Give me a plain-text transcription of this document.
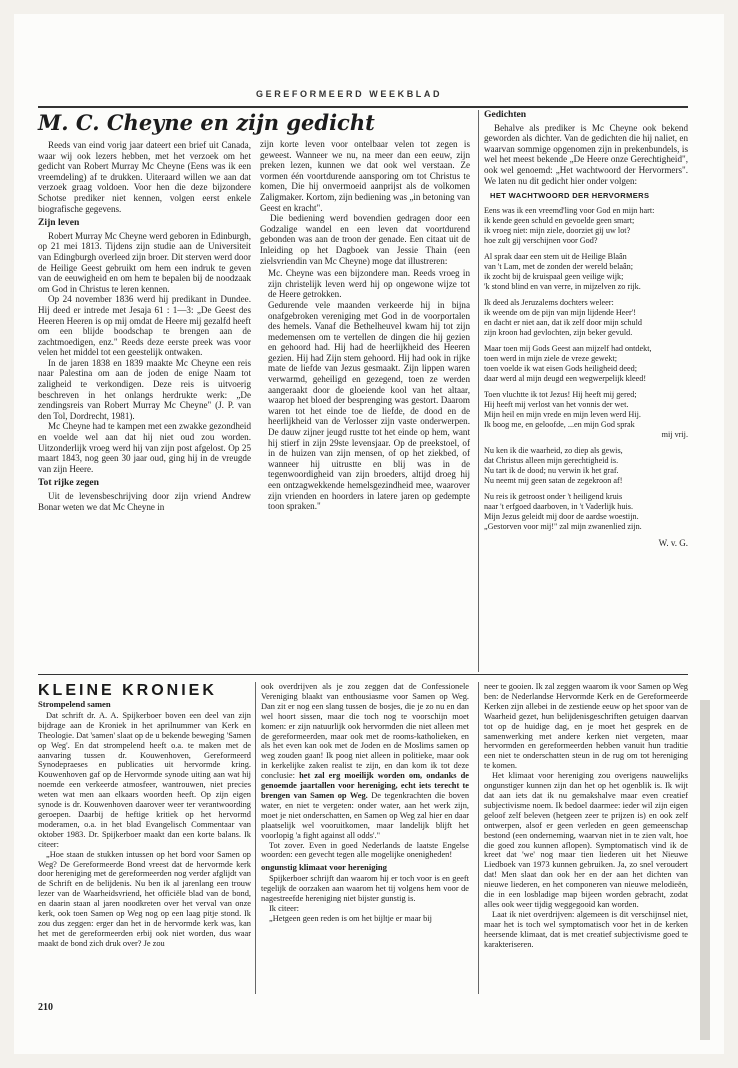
GEREFORMEERD WEEKBLAD
M. C. Cheyne en zijn gedicht

Reeds van eind vorig jaar dateert een brief uit Canada, waar wij ook lezers hebben, met het verzoek om het gedicht van Robert Murray Mc Cheyne (Eens was ik een vreemdeling) af te drukken. Uiteraard willen we aan dat verzoek graag voldoen. Voor hen die deze bijzondere Schotse prediker niet kennen, volgen eerst enkele biografische gegevens.

Zijn leven

Robert Murray Mc Cheyne werd geboren in Edinburgh, op 21 mei 1813. Tijdens zijn studie aan de Universiteit van Edingburgh overleed zijn broer. Dit sterven werd door de Heilige Geest gebruikt om hem een indruk te geven van de eeuwigheid en om hem te bepalen bij de noodzaak om God in Christus te leren kennen.

Op 24 november 1836 werd hij predikant in Dundee. Hij deed er intrede met Jesaja 61 : 1—3: „De Geest des Heeren Heeren is op mij omdat de Heere mij gezalfd heeft om een blijde boodschap te brengen aan de zachtmoedigen, enz." Reeds deze eerste preek was voor velen het middel tot een geestelijk ontwaken.

In de jaren 1838 en 1839 maakte Mc Cheyne een reis naar Palestina om aan de joden de enige Naam tot zaligheid te verkondigen. Deze reis is uitvoerig beschreven in het onlangs herdrukte werk: „De zendingsreis van Robert Murray Mc Cheyne" (J. P. van den Tol, Dordrecht, 1981).

Mc Cheyne had te kampen met een zwakke gezondheid en voelde wel aan dat hij niet oud zou worden. Uitzonderlijk vroeg werd hij van zijn post afgelost. Op 25 maart 1843, nog geen 30 jaar oud, ging hij in de vreugde van zijn Heere.

Tot rijke zegen

Uit de levensbeschrijving door zijn vriend Andrew Bonar weten we dat Mc Cheyne in

zijn korte leven voor ontelbaar velen tot zegen is geweest. Wanneer we nu, na meer dan een eeuw, zijn preken lezen, kunnen we dat ook wel verstaan. Ze vormen één voortdurende aansporing om tot Christus te komen, Die hij onvermoeid aanprijst als de volkomen Zaligmaker. Kortom, zijn bediening was „in betoning van Geest en kracht".

Die bediening werd bovendien gedragen door een Godzalige wandel en een leven dat voortdurend gebonden was aan de troon der genade. Een citaat uit de Inleiding op het Dagboek van Jessie Thain (een zielsvriendin van Mc Cheyne) moge dat illustreren:

Mc. Cheyne was een bijzondere man. Reeds vroeg in zijn christelijk leven werd hij op ongewone wijze tot de Heere getrokken.

Gedurende vele maanden verkeerde hij in bijna onafgebroken vereniging met God in de voorportalen des hemels. Vanaf die Bethelheuvel kwam hij tot zijn medemensen om te vertellen de dingen die hij gezien en gehoord had. Hij had de heerlijkheid des Heeren gezien. Hij had Zijn stem gehoord. Hij had ook in rijke mate de liefde van Jezus gesmaakt. Zijn lippen waren verwarmd, geheiligd en gezegend, toen ze werden aangeraakt door de gloeiende kool van het altaar, waarop het bloed der besprenging was gestort. Daarom waren tot het einde toe de liefde, de dood en de heerlijkheid van de Verlosser zijn vaste onderwerpen. De dauw zijner jeugd rustte tot het einde op hem, want hij stierf in zijn 29ste levensjaar. Op de preekstoel, of in de huizen van zijn mensen, of op het ziekbed, of wanneer hij uitrustte en blij was in de tegenwoordigheid van zijn broeders, altijd droeg hij een ontzagwekkende hemelsgezindheid mee, waarover zijn vrienden en hoorders in latere jaren op gedempte toon spraken."

Gedichten

Behalve als prediker is Mc Cheyne ook bekend geworden als dichter. Van de gedichten die hij naliet, en waarvan sommige opgenomen zijn in prekenbundels, is wel het meest bekende „De Heere onze Gerechtigheid", ook wel genoemd: „Het wachtwoord der Hervormers". We laten nu dit gedicht hier onder volgen:

HET WACHTWOORD DER HERVORMERS
Eens was ik een vreemd'ling voor God en mijn hart:
ik kende geen schuld en gevoelde geen smart;
ik vroeg niet: mijn ziele, doorziet gij uw lot?
hoe zult gij verschijnen voor God?
Al sprak daar een stem uit de Heilige Blaân
van 't Lam, met de zonden der wereld belaân;
ik zocht bij de kruispaal geen veilige wijk;
'k stond blind en van verre, in mijzelven zo rijk.
Ik deed als Jeruzalems dochters weleer:
ik weende om de pijn van mijn lijdende Heer'!
en dacht er niet aan, dat ik zelf door mijn schuld
zijn kroon had gevlochten, zijn beker gevuld.
Maar toen mij Gods Geest aan mijzelf had ontdekt,
toen werd in mijn ziele de vreze gewekt;
toen voelde ik wat eisen Gods heiligheid deed;
daar werd al mijn deugd een wegwerpelijk kleed!
Toen vluchtte ik tot Jezus! Hij heeft mij gered;
Hij heeft mij verlost van het vonnis der wet.
Mijn heil en mijn vrede en mijn leven werd Hij.
Ik boog me, en geloofde, ...en mijn God sprak
mij vrij.
Nu ken ik die waarheid, zo diep als gewis,
dat Christus alleen mijn gerechtigheid is.
Nu tart ik de dood; nu verwin ik het graf.
Nu neemt mij geen satan de zegekroon af!
Nu reis ik getroost onder 't heiligend kruis
naar 't erfgoed daarboven, in 't Vaderlijk huis.
Mijn Jezus geleidt mij door de aardse woestijn.
„Gestorven voor mij!" zal mijn zwanenlied zijn.
W. v. G.
KLEINE KRONIEK
Strompelend samen

Dat schrift dr. A. A. Spijkerboer boven een deel van zijn bijdrage aan de Kroniek in het aprilnummer van Kerk en Theologie. Dat 'samen' slaat op de u bekende beweging 'Samen op Weg'. En dat strompelend heeft o.a. te maken met de aanvaring tussen dr. Kouwenhoven, Gereformeerd Synodepraeses en publicaties uit hervormde kring. Kouwenhoven gaf op de Hervormde synode uiting aan wat hij noemde een verkeerde atmosfeer, wantrouwen, niet precies weten wat men aan elkaars woorden heeft. Op zijn eigen synode is dr. Kouwenhoven daarover weer ter verantwoording geroepen. Daarbij de heftige kritiek op het hervormd moderamen, o.a. in het blad Evangelisch Commentaar van oktober 1983. Dr. Spijkerboer maakt dan een korte balans. Ik citeer:

„Hoe staan de stukken intussen op het bord voor Samen op Weg? De Gereformeerde Bond vreest dat de hervormde kerk door hereniging met de gereformeerden nog verder afglijdt van de Schrift en de belijdenis. Nu ben ik al jarenlang een trouw lezer van de Waarheidsvriend, het officiële blad van de bond, en daarin staan al jaren noodkreten over het verval van onze kerk, ook toen Samen op Weg nog op een laag pitje stond. Ik zou dus zeggen: erger dan het in de hervormde kerk was, kan het met de gereformeerden erbij ook niet worden, dus waar maakt de bond zich druk over? Je zou

ook overdrijven als je zou zeggen dat de Confessionele Vereniging blaakt van enthousiasme voor Samen op Weg. Dan zit er nog een slang tussen de bosjes, die je zo nu en dan wel hoort sissen, maar die toch nog te voorschijn moet komen: er zijn natuurlijk ook hervormden die niet alleen met de gereformeerden, maar ook met de rooms-katholieken, en als het even kan ook met de Joden en de Moslims samen op weg zouden gaan! Ik poog niet alleen in politieke, maar ook in kerkelijke zaken realist te zijn, en dan kom ik tot deze conclusie: het zal erg moeilijk worden om, ondanks de genoemde jaartallen voor hereniging, echt iets terecht te brengen van Samen op Weg. De tegenkrachten die boven water, en niet te vergeten: onder water, aan het werk zijn, moet je niet onderschatten, en Samen op Weg zal hier en daar plaatselijk wel vooruitkomen, maar landelijk blijft het voorlopig 'a fight against all odds'."

Tot zover. Even in goed Nederlands de laatste Engelse woorden: een gevecht tegen alle mogelijke onenigheden!

ongunstig klimaat voor hereniging

Spijkerboer schrijft dan waarom hij er toch voor is en geeft tegelijk de oorzaken aan waarom het tij volgens hem voor de nagestreefde hereniging niet bijster gunstig is.

Ik citeer:

„Hetgeen geen reden is om het bijltje er maar bij

neer te gooien. Ik zal zeggen waarom ik voor Samen op Weg ben: de Nederlandse Hervormde Kerk en de Gereformeerde Kerken zijn allebei in de zestiende eeuw op het spoor van de Waarheid gezet, hun belijdenisgeschriften getuigen daarvan tot op de huidige dag, en je moet het gesprek en de samenwerking met andere kerken niet vergeten, maar hervormden en gereformeerden hebben vanuit hun traditie een niet te onderschatten steun in de rug om tot hereniging te komen.

Het klimaat voor hereniging zou overigens nauwelijks ongunstiger kunnen zijn dan het op het ogenblik is. Ik wijt dat aan iets dat ik nu gemakshalve maar even creatief subjectivisme noem. Ik bedoel daarmee: ieder wil zijn eigen geloof zelf beleven (hetgeen zeer te prijzen is) en ook zelf ontwerpen, alsof er geen verleden en geen gemeenschap bestond (een onderneming, waarvan niet in te zien valt, hoe die goed zou kunnen aflopen). Symptomatisch vind ik de kreet dat 'we' nog maar tien liederen uit het Nieuwe Liedboek van 1973 kunnen gebruiken. Ja, zo snel veroudert dat! Men slaat dan ook her en der aan het dichten van nieuwe liederen, en het componeren van nieuwe melodieën, die in een losbladige map bijeen worden gebracht, zodat alles ook weer tijdig weggegooid kan worden.

Laat ik niet overdrijven: algemeen is dit verschijnsel niet, maar het is toch wel symptomatisch voor het in de kerken heersende klimaat, dat is met creatief subjectivisme goed te karakteriseren.

210
